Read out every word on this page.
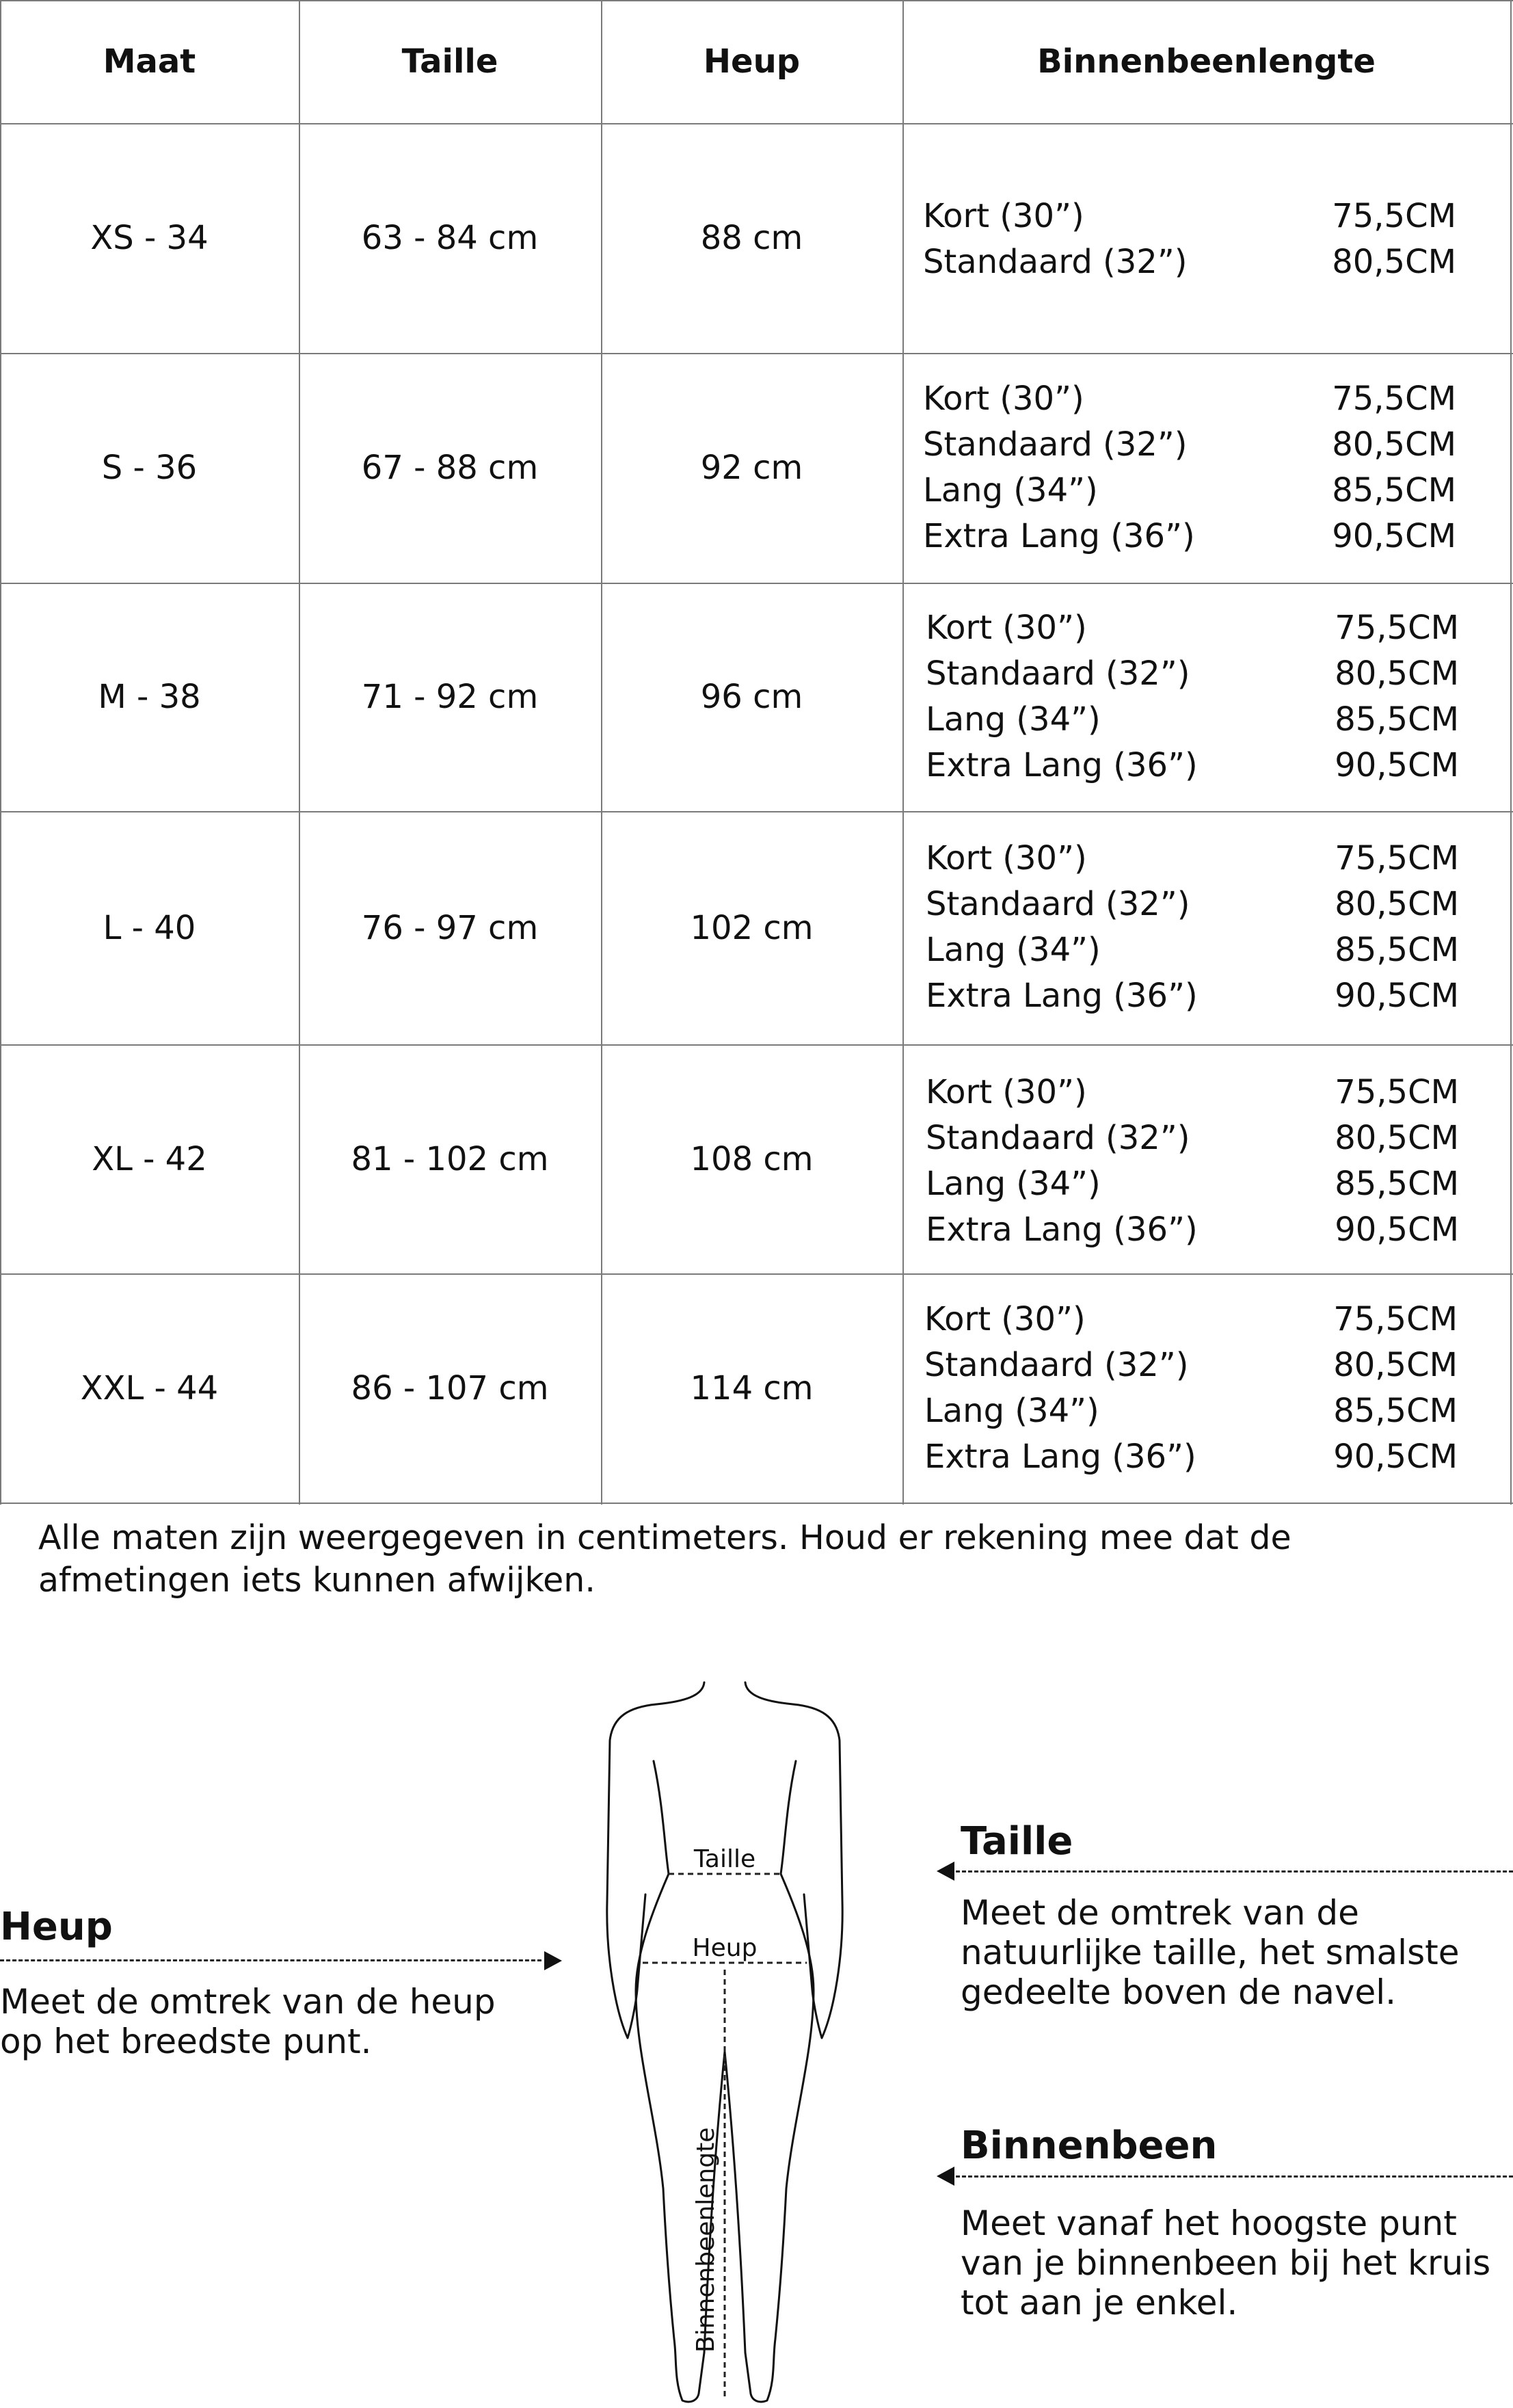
Maat	Taille	Heup	Binnenbeenlengte
XS - 34	63 - 84 cm	88 cm
Kort (30”)	75,5CM
Standaard (32”)	80,5CM
S - 36	67 - 88 cm	92 cm
Kort (30”)	75,5CM
Standaard (32”)	80,5CM
Lang (34”)	85,5CM
Extra Lang (36”)	90,5CM
M - 38	71 - 92 cm	96 cm
Kort (30”)	75,5CM
Standaard (32”)	80,5CM
Lang (34”)	85,5CM
Extra Lang (36”)	90,5CM
L - 40	76 - 97 cm	102 cm
Kort (30”)	75,5CM
Standaard (32”)	80,5CM
Lang (34”)	85,5CM
Extra Lang (36”)	90,5CM
XL - 42	81 - 102 cm	108 cm
Kort (30”)	75,5CM
Standaard (32”)	80,5CM
Lang (34”)	85,5CM
Extra Lang (36”)	90,5CM
XXL - 44	86 - 107 cm	114 cm
Kort (30”)	75,5CM
Standaard (32”)	80,5CM
Lang (34”)	85,5CM
Extra Lang (36”)	90,5CM
Alle maten zijn weergegeven in centimeters. Houd er rekening mee dat de afmetingen iets kunnen afwijken.
Taille
Heup
Binnenbeenlengte
Heup
Meet de omtrek van de heup op het breedste punt.
Taille
Meet de omtrek van de natuurlijke taille, het smalste gedeelte boven de navel.
Binnenbeen
Meet vanaf het hoogste punt van je binnenbeen bij het kruis tot aan je enkel.
